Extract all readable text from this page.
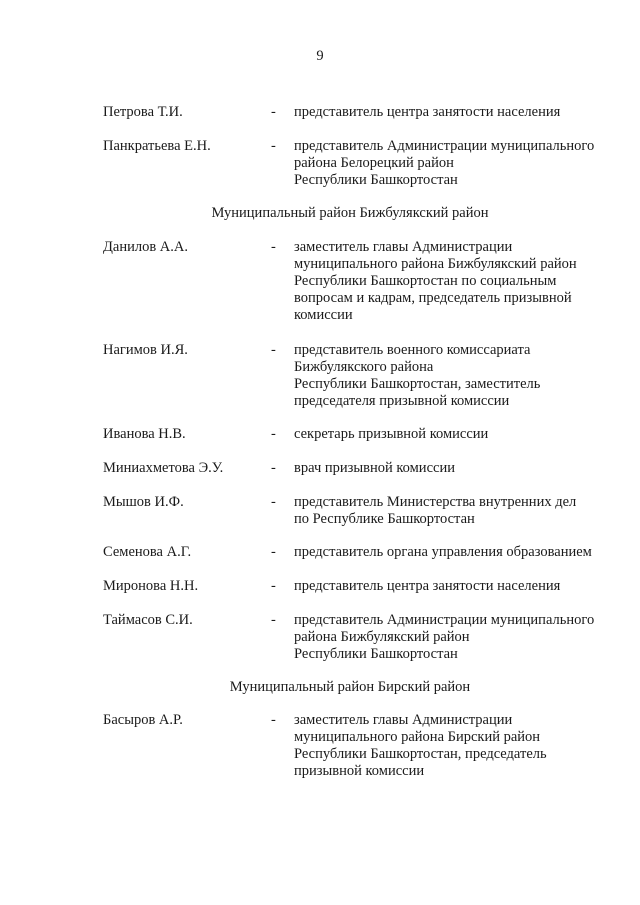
9
Петрова Т.И.	- представитель центра занятости населения
Панкратьева Е.Н.	- представитель Администрации муниципального
района Белорецкий район
Республики Башкортостан
Муниципальный район Бижбулякский район
Данилов А.А.	- заместитель главы Администрации
муниципального района Бижбулякский район
Республики Башкортостан по социальным
вопросам и кадрам, председатель призывной
комиссии
Нагимов И.Я.	- представитель военного комиссариата
Бижбулякского района
Республики Башкортостан, заместитель
председателя призывной комиссии
Иванова Н.В.	- секретарь призывной комиссии
Миниахметова Э.У.	- врач призывной комиссии
Мышов И.Ф.	- представитель Министерства внутренних дел
по Республике Башкортостан
Семенова А.Г.	- представитель органа управления образованием
Миронова Н.Н.	- представитель центра занятости населения
Таймасов С.И.	- представитель Администрации муниципального
района Бижбулякский район
Республики Башкортостан
Муниципальный район Бирский район
Басыров А.Р.	- заместитель главы Администрации
муниципального района Бирский район
Республики Башкортостан, председатель
призывной комиссии
